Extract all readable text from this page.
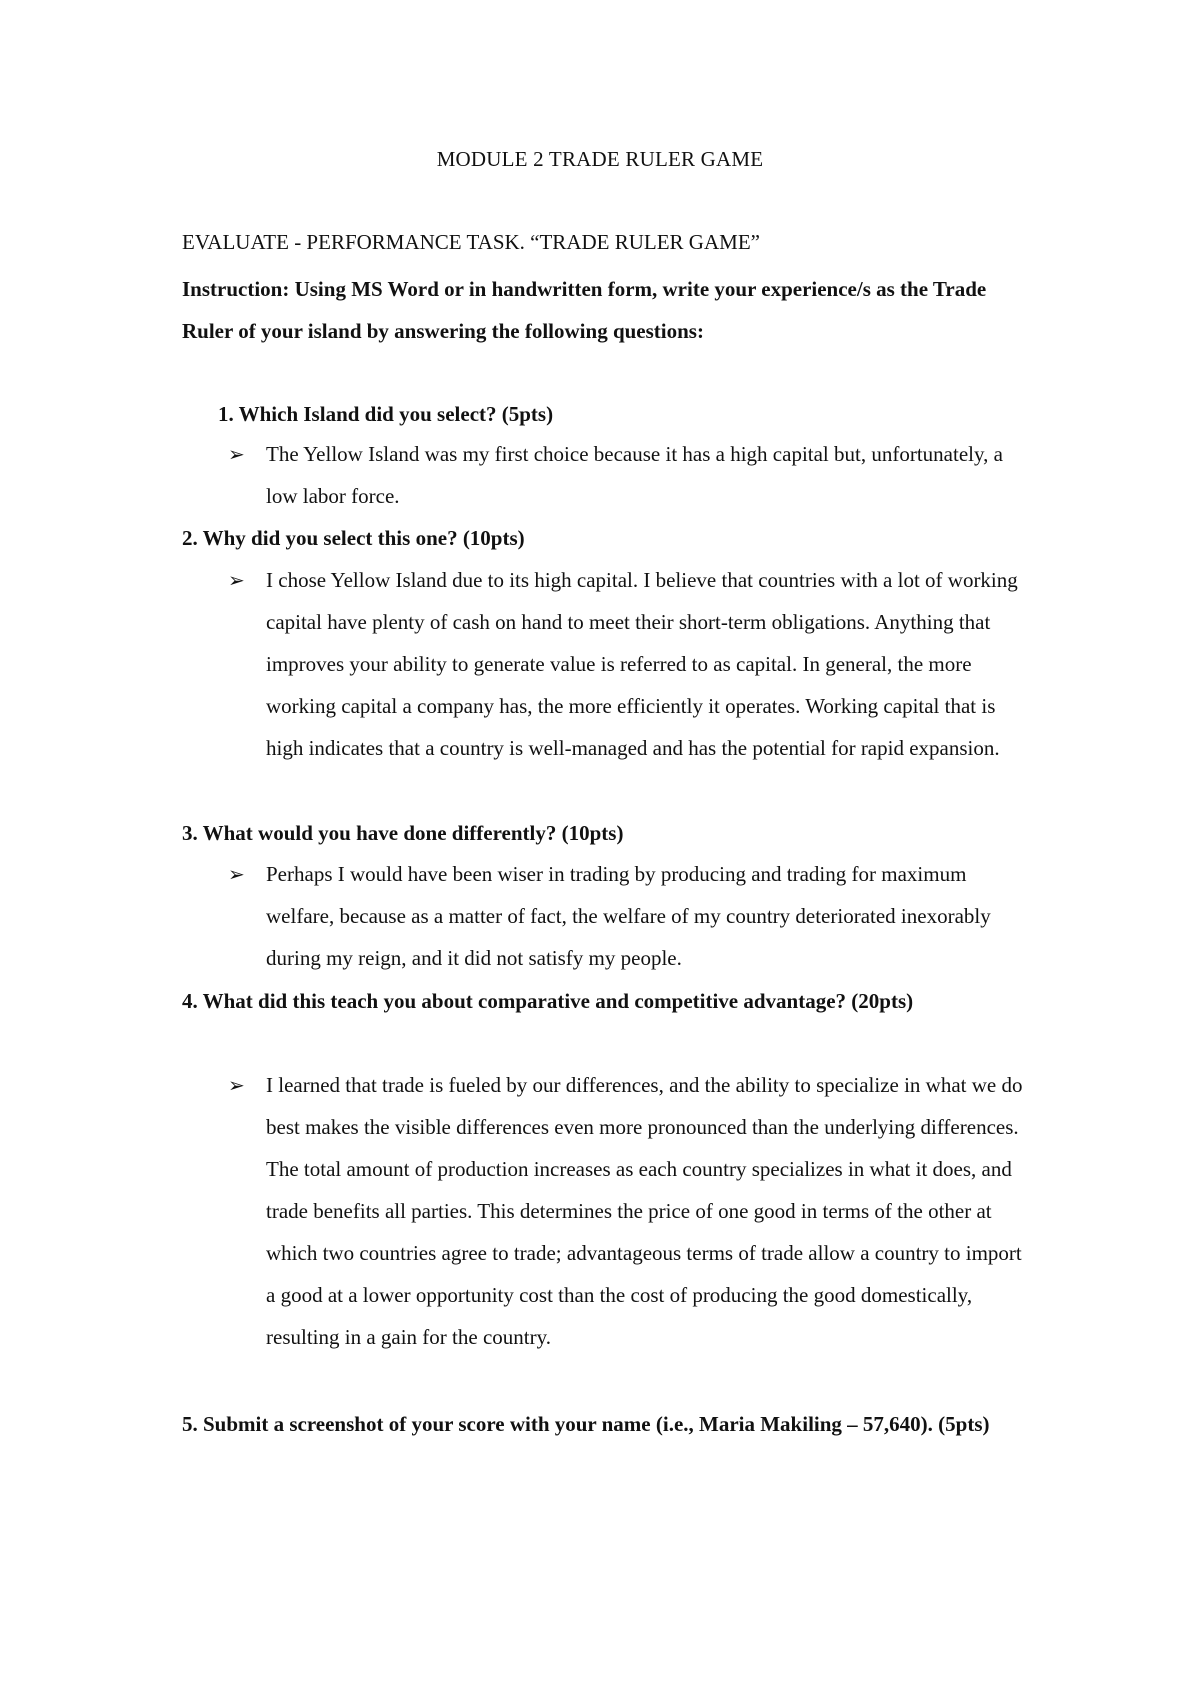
MODULE 2 TRADE RULER GAME
EVALUATE - PERFORMANCE TASK. “TRADE RULER GAME”
Instruction: Using MS Word or in handwritten form, write your experience/s as the Trade Ruler of your island by answering the following questions:
1. Which Island did you select? (5pts)
➢ The Yellow Island was my first choice because it has a high capital but, unfortunately, a low labor force.
2. Why did you select this one? (10pts)
➢ I chose Yellow Island due to its high capital. I believe that countries with a lot of working capital have plenty of cash on hand to meet their short-term obligations. Anything that improves your ability to generate value is referred to as capital. In general, the more working capital a company has, the more efficiently it operates. Working capital that is high indicates that a country is well-managed and has the potential for rapid expansion.
3. What would you have done differently? (10pts)
➢ Perhaps I would have been wiser in trading by producing and trading for maximum welfare, because as a matter of fact, the welfare of my country deteriorated inexorably during my reign, and it did not satisfy my people.
4. What did this teach you about comparative and competitive advantage? (20pts)
➢ I learned that trade is fueled by our differences, and the ability to specialize in what we do best makes the visible differences even more pronounced than the underlying differences. The total amount of production increases as each country specializes in what it does, and trade benefits all parties. This determines the price of one good in terms of the other at which two countries agree to trade; advantageous terms of trade allow a country to import a good at a lower opportunity cost than the cost of producing the good domestically, resulting in a gain for the country.
5. Submit a screenshot of your score with your name (i.e., Maria Makiling – 57,640). (5pts)
